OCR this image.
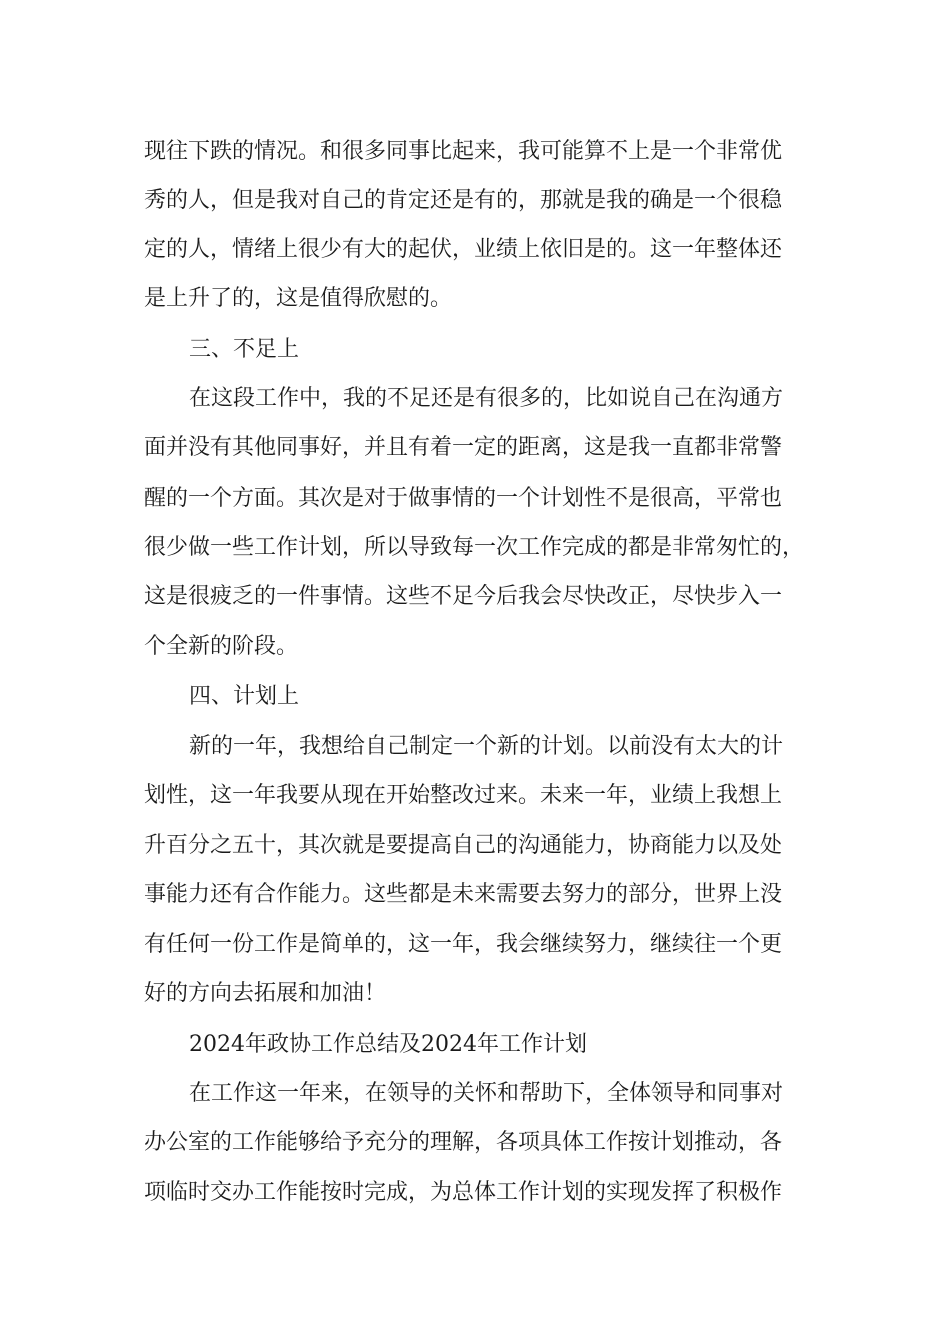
现往下跌的情况。和很多同事比起来，我可能算不上是一个非常优
秀的人，但是我对自己的肯定还是有的，那就是我的确是一个很稳
定的人，情绪上很少有大的起伏，业绩上依旧是的。这一年整体还
是上升了的，这是值得欣慰的。
三、不足上
在这段工作中，我的不足还是有很多的，比如说自己在沟通方
面并没有其他同事好，并且有着一定的距离，这是我一直都非常警
醒的一个方面。其次是对于做事情的一个计划性不是很高，平常也
很少做一些工作计划，所以导致每一次工作完成的都是非常匆忙的，
这是很疲乏的一件事情。这些不足今后我会尽快改正，尽快步入一
个全新的阶段。
四、计划上
新的一年，我想给自己制定一个新的计划。以前没有太大的计
划性，这一年我要从现在开始整改过来。未来一年，业绩上我想上
升百分之五十，其次就是要提高自己的沟通能力，协商能力以及处
事能力还有合作能力。这些都是未来需要去努力的部分，世界上没
有任何一份工作是简单的，这一年，我会继续努力，继续往一个更
好的方向去拓展和加油！
2024年政协工作总结及2024年工作计划
在工作这一年来，在领导的关怀和帮助下，全体领导和同事对
办公室的工作能够给予充分的理解，各项具体工作按计划推动，各
项临时交办工作能按时完成，为总体工作计划的实现发挥了积极作
